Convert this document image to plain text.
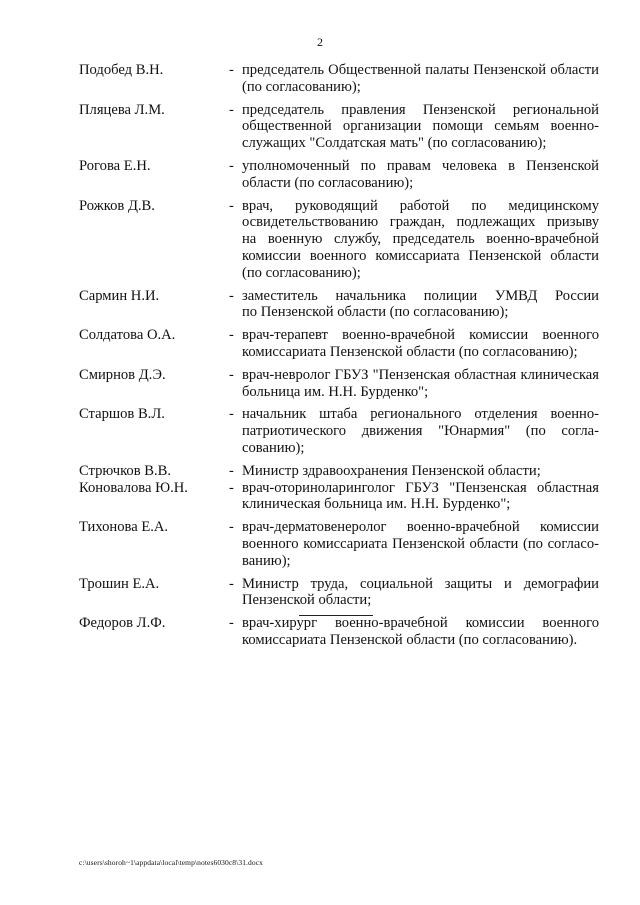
2
Подобед В.Н.	- председатель Общественной палаты Пензенской области
(по согласованию);
Пляцева Л.М.	- председатель правления Пензенской региональной
общественной организации помощи семьям военно-
служащих "Солдатская мать" (по согласованию);
Рогова Е.Н.	- уполномоченный по правам человека в Пензенской
области (по согласованию);
Рожков Д.В.	- врач, руководящий работой по медицинскому
освидетельствованию граждан, подлежащих призыву
на военную службу, председатель военно-врачебной
комиссии военного комиссариата Пензенской области
(по согласованию);
Сармин Н.И.	- заместитель начальника полиции УМВД России
по Пензенской области (по согласованию);
Солдатова О.А.	- врач-терапевт военно-врачебной комиссии военного
комиссариата Пензенской области (по согласованию);
Смирнов Д.Э.	- врач-невролог ГБУЗ "Пензенская областная клиническая
больница им. Н.Н. Бурденко";
Старшов В.Л.	- начальник штаба регионального отделения военно-
патриотического движения "Юнармия" (по согла-
сованию);
Стрючков В.В.	- Министр здравоохранения Пензенской области;
Коновалова Ю.Н.	- врач-оториноларинголог ГБУЗ "Пензенская областная
клиническая больница им. Н.Н. Бурденко";
Тихонова Е.А.	- врач-дерматовенеролог военно-врачебной комиссии
военного комиссариата Пензенской области (по согласо-
ванию);
Трошин Е.А.	- Министр труда, социальной защиты и демографии
Пензенской области;
Федоров Л.Ф.	- врач-хирург военно-врачебной комиссии военного
комиссариата Пензенской области (по согласованию).
c:\users\shoroh~1\appdata\local\temp\notes6030c8\31.docx
